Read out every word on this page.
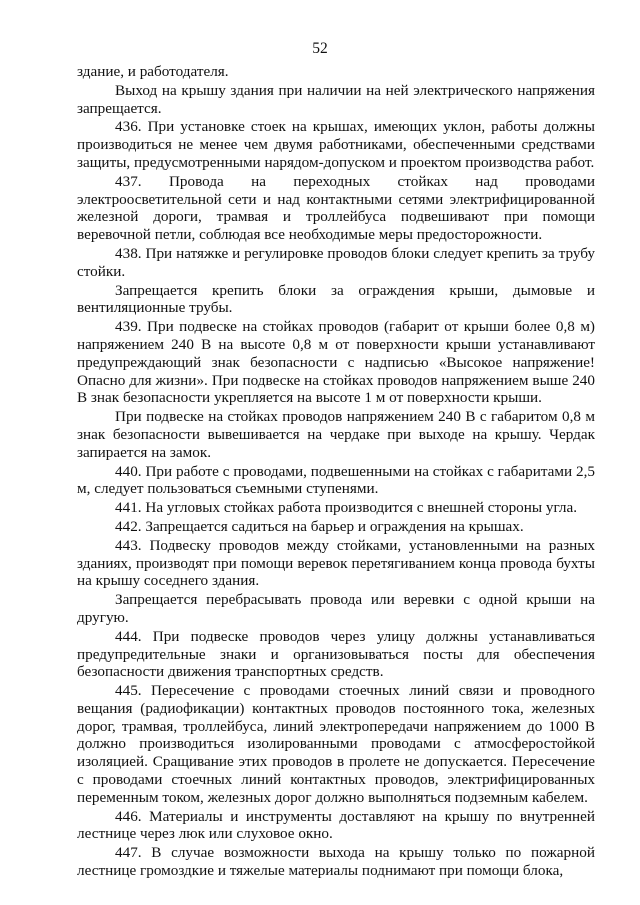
52

здание, и работодателя.

Выход на крышу здания при наличии на ней электрического напряжения запрещается.

436. При установке стоек на крышах, имеющих уклон, работы должны производиться не менее чем двумя работниками, обеспеченными средствами защиты, предусмотренными нарядом-допуском и проектом производства работ.

437. Провода на переходных стойках над проводами электроосветительной сети и над контактными сетями электрифицированной железной дороги, трамвая и троллейбуса подвешивают при помощи веревочной петли, соблюдая все необходимые меры предосторожности.

438. При натяжке и регулировке проводов блоки следует крепить за трубу стойки.

Запрещается крепить блоки за ограждения крыши, дымовые и вентиляционные трубы.

439. При подвеске на стойках проводов (габарит от крыши более 0,8 м) напряжением 240 В на высоте 0,8 м от поверхности крыши устанавливают предупреждающий знак безопасности с надписью «Высокое напряжение! Опасно для жизни». При подвеске на стойках проводов напряжением выше 240 В знак безопасности укрепляется на высоте 1 м от поверхности крыши.

При подвеске на стойках проводов напряжением 240 В с габаритом 0,8 м знак безопасности вывешивается на чердаке при выходе на крышу. Чердак запирается на замок.

440. При работе с проводами, подвешенными на стойках с габаритами 2,5 м, следует пользоваться съемными ступенями.

441. На угловых стойках работа производится с внешней стороны угла.

442. Запрещается садиться на барьер и ограждения на крышах.

443. Подвеску проводов между стойками, установленными на разных зданиях, производят при помощи веревок перетягиванием конца провода бухты на крышу соседнего здания.

Запрещается перебрасывать провода или веревки с одной крыши на другую.

444. При подвеске проводов через улицу должны устанавливаться предупредительные знаки и организовываться посты для обеспечения безопасности движения транспортных средств.

445. Пересечение с проводами стоечных линий связи и проводного вещания (радиофикации) контактных проводов постоянного тока, железных дорог, трамвая, троллейбуса, линий электропередачи напряжением до 1000 В должно производиться изолированными проводами с атмосферостойкой изоляцией. Сращивание этих проводов в пролете не допускается. Пересечение с проводами стоечных линий контактных проводов, электрифицированных переменным током, железных дорог должно выполняться подземным кабелем.

446. Материалы и инструменты доставляют на крышу по внутренней лестнице через люк или слуховое окно.

447. В случае возможности выхода на крышу только по пожарной лестнице громоздкие и тяжелые материалы поднимают при помощи блока,
